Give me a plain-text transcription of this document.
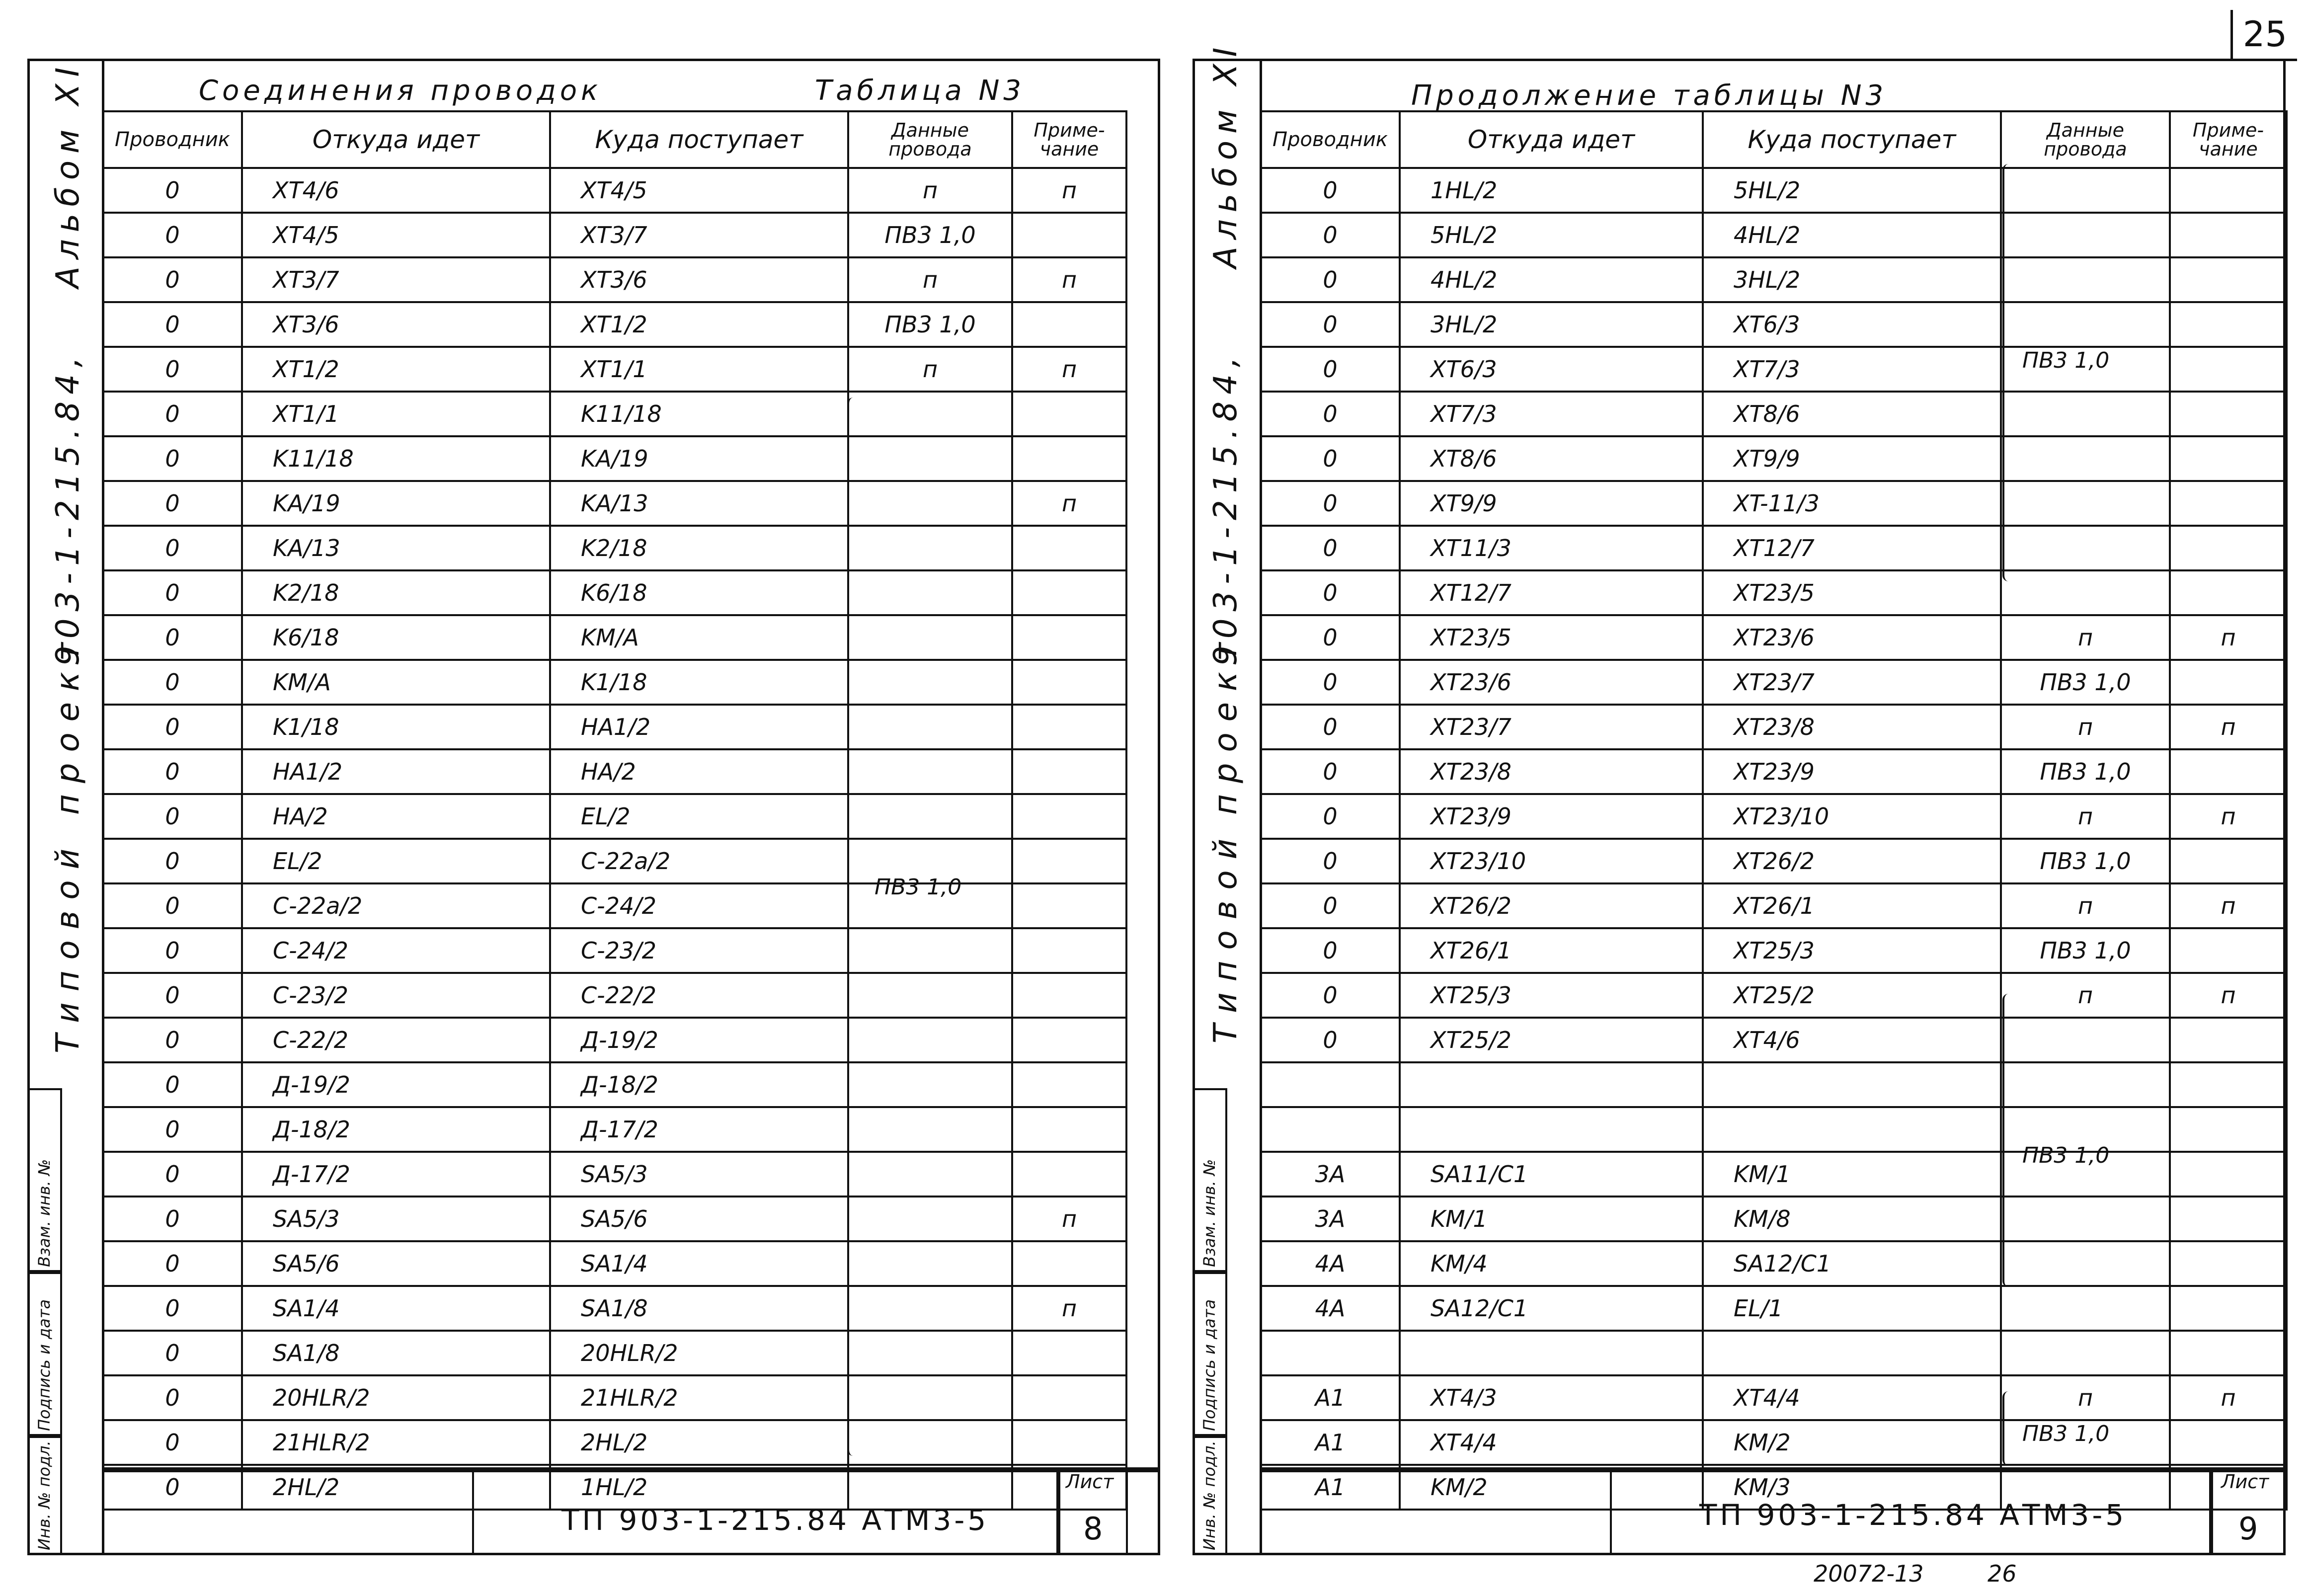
25
Альбом XI
903-1-215.84,
проект
Типовой
Взам. инв. №
Подпись и дата
Инв. № подл.
Соединения проводок	Таблица N3
Проводник	Откуда идет	Куда поступает	Данные провода	Приме-чание
0	XT4/6	XT4/5	п	п
0	XT4/5	XT3/7	ПВ3 1,0	
0	XT3/7	XT3/6	п	п
0	XT3/6	XT1/2	ПВ3 1,0	
0	XT1/2	XT1/1	п	п
0	XT1/1	K11/18		
0	K11/18	KA/19		
0	KA/19	KA/13		п
0	KA/13	K2/18		
0	K2/18	K6/18		
0	K6/18	KM/A		
0	KM/A	K1/18		
0	K1/18	HA1/2		
0	HA1/2	HA/2		
0	HA/2	EL/2		
0	EL/2	C-22a/2		
0	C-22a/2	C-24/2		
0	C-24/2	C-23/2		
0	C-23/2	C-22/2		
0	C-22/2	Д-19/2		
0	Д-19/2	Д-18/2		
0	Д-18/2	Д-17/2		
0	Д-17/2	SA5/3		
0	SA5/3	SA5/6		п
0	SA5/6	SA1/4		
0	SA1/4	SA1/8		п
0	SA1/8	20HLR/2		
0	20HLR/2	21HLR/2		
0	21HLR/2	2HL/2		
0	2HL/2	1HL/2		
ПВ3 1,0
ТП 903-1-215.84 АТМ3-5
Лист
8
Альбом XI
903-1-215.84,
проект
Типовой
Взам. инв. №
Подпись и дата
Инв. № подл.
Продолжение таблицы N3
Проводник	Откуда идет	Куда поступает	Данные провода	Приме-чание
0	1HL/2	5HL/2		
0	5HL/2	4HL/2		
0	4HL/2	3HL/2		
0	3HL/2	XT6/3		
0	XT6/3	XT7/3		
0	XT7/3	XT8/6		
0	XT8/6	XT9/9		
0	XT9/9	XT-11/3		
0	XT11/3	XT12/7		
0	XT12/7	XT23/5		
0	XT23/5	XT23/6	п	п
0	XT23/6	XT23/7	ПВ3 1,0	
0	XT23/7	XT23/8	п	п
0	XT23/8	XT23/9	ПВ3 1,0	
0	XT23/9	XT23/10	п	п
0	XT23/10	XT26/2	ПВ3 1,0	
0	XT26/2	XT26/1	п	п
0	XT26/1	XT25/3	ПВ3 1,0	
0	XT25/3	XT25/2	п	п
0	XT25/2	XT4/6		

3A	SA11/C1	KM/1		
3A	KM/1	KM/8		
4A	KM/4	SA12/C1		
4A	SA12/C1	EL/1		

A1	XT4/3	XT4/4	п	п
A1	XT4/4	KM/2		
A1	KM/2	KM/3		
ПВ3 1,0
ПВ3 1,0
ПВ3 1,0
ТП 903-1-215.84 АТМ3-5
Лист
9
20072-13	26
